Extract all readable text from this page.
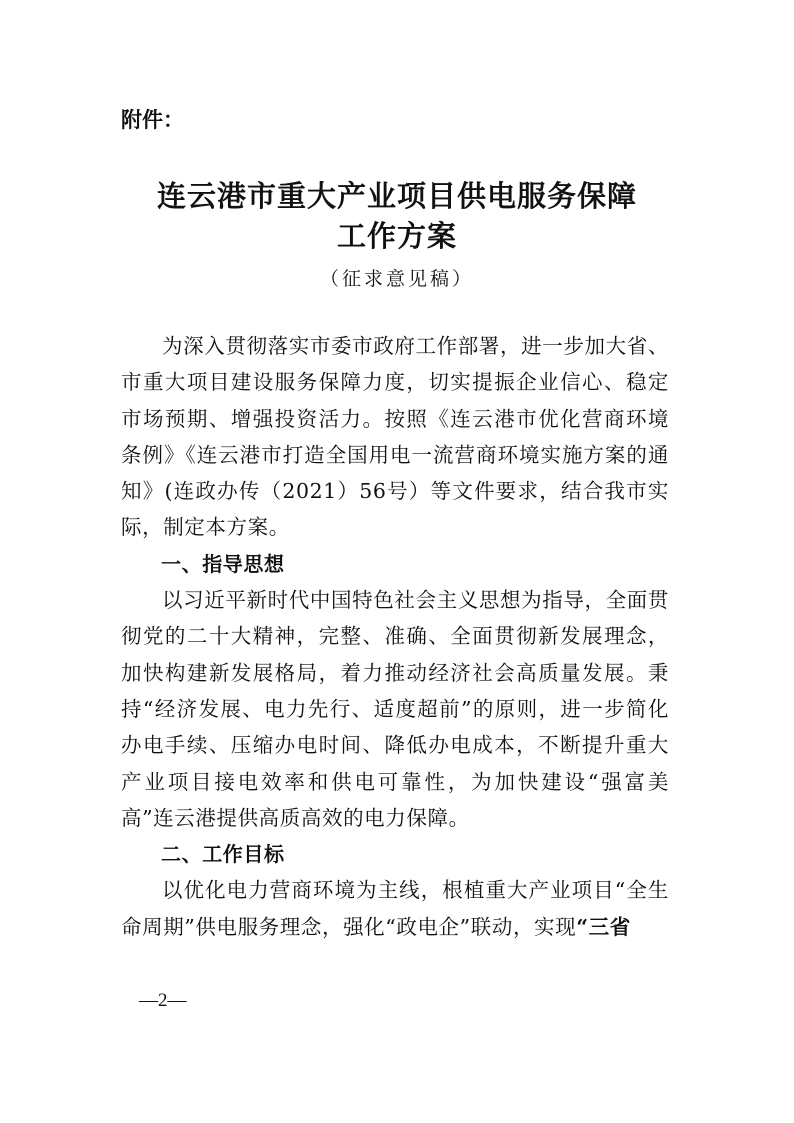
附件：
连云港市重大产业项目供电服务保障
工作方案
（征求意见稿）

为深入贯彻落实市委市政府工作部署，进一步加大省、市重大项目建设服务保障力度，切实提振企业信心、稳定市场预期、增强投资活力。按照《连云港市优化营商环境条例》《连云港市打造全国用电一流营商环境实施方案的通知》(连政办传（2021）56号）等文件要求，结合我市实际，制定本方案。

一、指导思想

以习近平新时代中国特色社会主义思想为指导，全面贯彻党的二十大精神，完整、准确、全面贯彻新发展理念，加快构建新发展格局，着力推动经济社会高质量发展。秉持“经济发展、电力先行、适度超前”的原则，进一步简化办电手续、压缩办电时间、降低办电成本，不断提升重大产业项目接电效率和供电可靠性，为加快建设“强富美高”连云港提供高质高效的电力保障。

二、工作目标

以优化电力营商环境为主线，根植重大产业项目“全生命周期”供电服务理念，强化“政电企”联动，实现“三省

—2—
